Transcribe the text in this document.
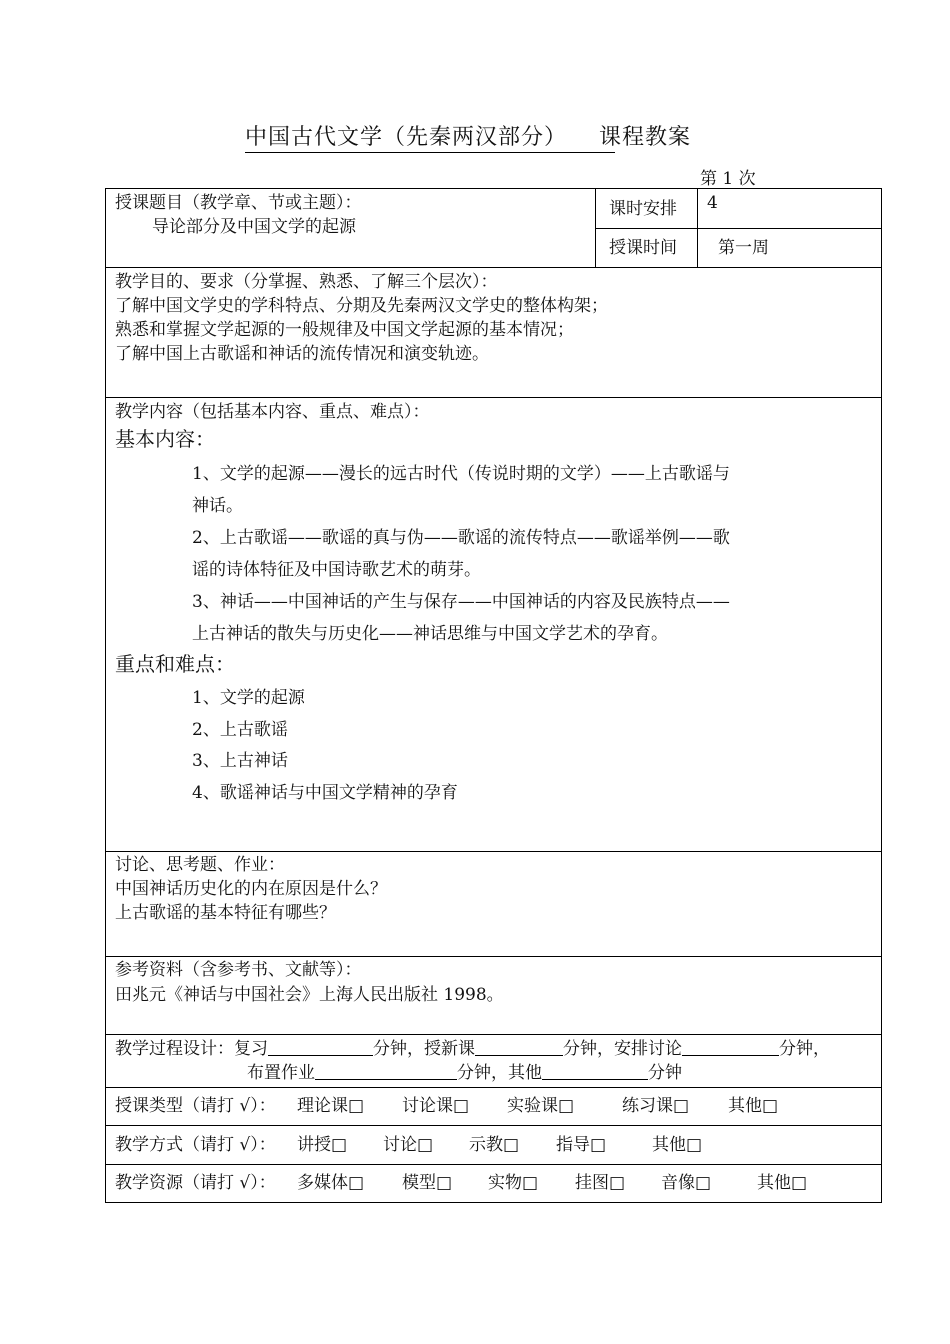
中国古代文学（先秦两汉部分） 课程教案
第 1 次
授课题目（教学章、节或主题）：
导论部分及中国文学的起源
课时安排 4
授课时间 第一周
教学目的、要求（分掌握、熟悉、了解三个层次）：
了解中国文学史的学科特点、分期及先秦两汉文学史的整体构架；
熟悉和掌握文学起源的一般规律及中国文学起源的基本情况；
了解中国上古歌谣和神话的流传情况和演变轨迹。
教学内容（包括基本内容、重点、难点）：
基本内容：
1、文学的起源——漫长的远古时代（传说时期的文学）——上古歌谣与
神话。
2、上古歌谣——歌谣的真与伪——歌谣的流传特点——歌谣举例——歌
谣的诗体特征及中国诗歌艺术的萌芽。
3、神话——中国神话的产生与保存——中国神话的内容及民族特点——
上古神话的散失与历史化——神话思维与中国文学艺术的孕育。
重点和难点：
1、文学的起源
2、上古歌谣
3、上古神话
4、歌谣神话与中国文学精神的孕育
讨论、思考题、作业：
中国神话历史化的内在原因是什么？
上古歌谣的基本特征有哪些？
参考资料（含参考书、文献等）：
田兆元《神话与中国社会》上海人民出版社 1998。
教学过程设计：复习	分钟，授新课	分钟，安排讨论	分钟，
布置作业	分钟，其他	分钟
授课类型（请打 √）： 理论课□ 讨论课□ 实验课□	练习课□ 其他□
教学方式（请打 √）： 讲授□ 讨论□ 示教□ 指导□	其他□
教学资源（请打 √）： 多媒体□ 模型□ 实物□ 挂图□ 音像□	其他□
